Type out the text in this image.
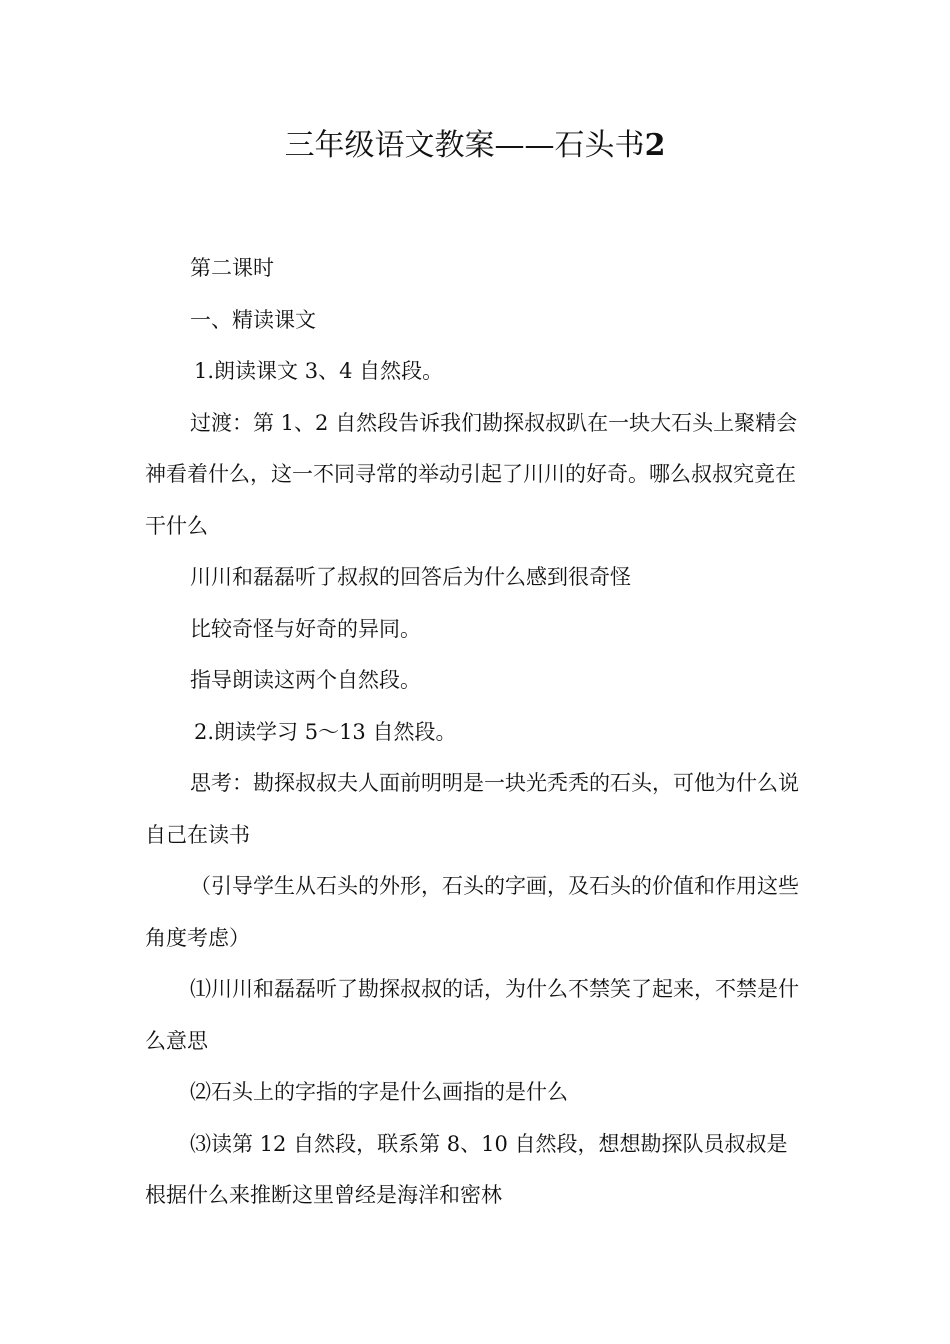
三年级语文教案——石头书2

第二课时

一、精读课文

1.朗读课文 3、4 自然段。

过渡：第 1、2 自然段告诉我们勘探叔叔趴在一块大石头上聚精会神看着什么，这一不同寻常的举动引起了川川的好奇。哪么叔叔究竟在干什么

川川和磊磊听了叔叔的回答后为什么感到很奇怪

比较奇怪与好奇的异同。

指导朗读这两个自然段。

2.朗读学习 5～13 自然段。

思考：勘探叔叔夫人面前明明是一块光秃秃的石头，可他为什么说自己在读书

（引导学生从石头的外形，石头的字画，及石头的价值和作用这些角度考虑）

⑴川川和磊磊听了勘探叔叔的话，为什么不禁笑了起来，不禁是什么意思

⑵石头上的字指的字是什么画指的是什么

⑶读第 12 自然段，联系第 8、10 自然段，想想勘探队员叔叔是根据什么来推断这里曾经是海洋和密林
